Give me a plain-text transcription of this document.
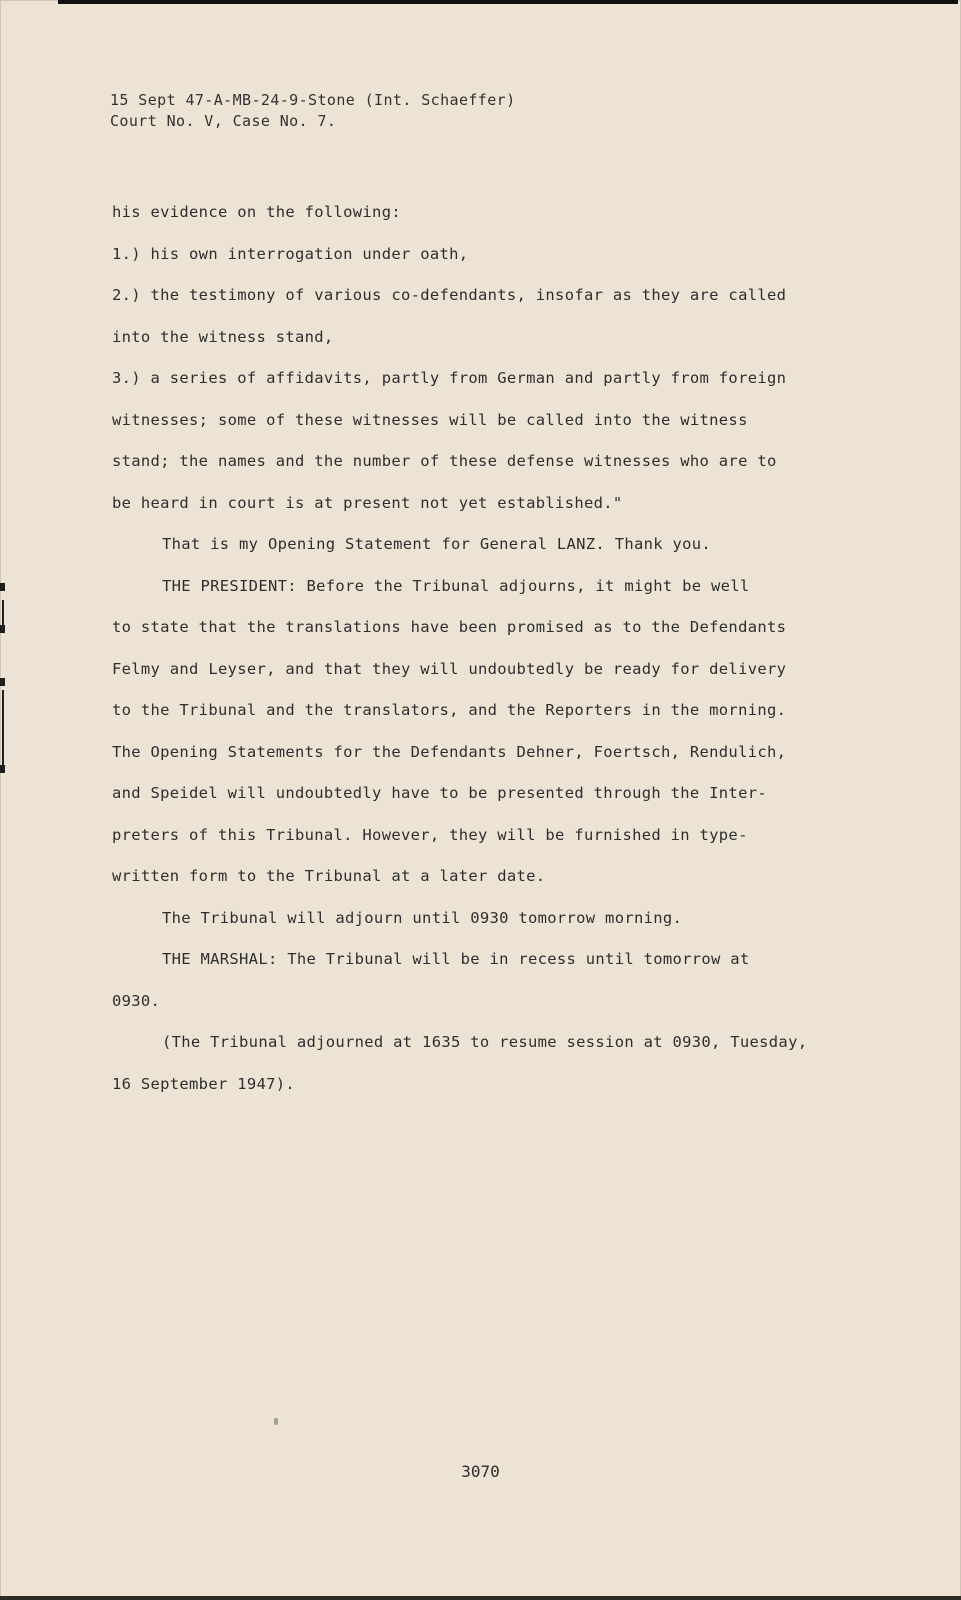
15 Sept 47-A-MB-24-9-Stone (Int. Schaeffer)
Court No. V, Case No. 7.

his evidence on the following:

1.) his own interrogation under oath,

2.) the testimony of various co-defendants, insofar as they are called

into the witness stand,

3.) a series of affidavits, partly from German and partly from foreign

witnesses; some of these witnesses will be called into the witness

stand; the names and the number of these defense witnesses who are to

be heard in court is at present not yet established."

That is my Opening Statement for General LANZ. Thank you.

THE PRESIDENT: Before the Tribunal adjourns, it might be well

to state that the translations have been promised as to the Defendants

Felmy and Leyser, and that they will undoubtedly be ready for delivery

to the Tribunal and the translators, and the Reporters in the morning.

The Opening Statements for the Defendants Dehner, Foertsch, Rendulich,

and Speidel will undoubtedly have to be presented through the Inter-

preters of this Tribunal. However, they will be furnished in type-

written form to the Tribunal at a later date.

The Tribunal will adjourn until 0930 tomorrow morning.

THE MARSHAL: The Tribunal will be in recess until tomorrow at

0930.

(The Tribunal adjourned at 1635 to resume session at 0930, Tuesday,

16 September 1947).

3070
